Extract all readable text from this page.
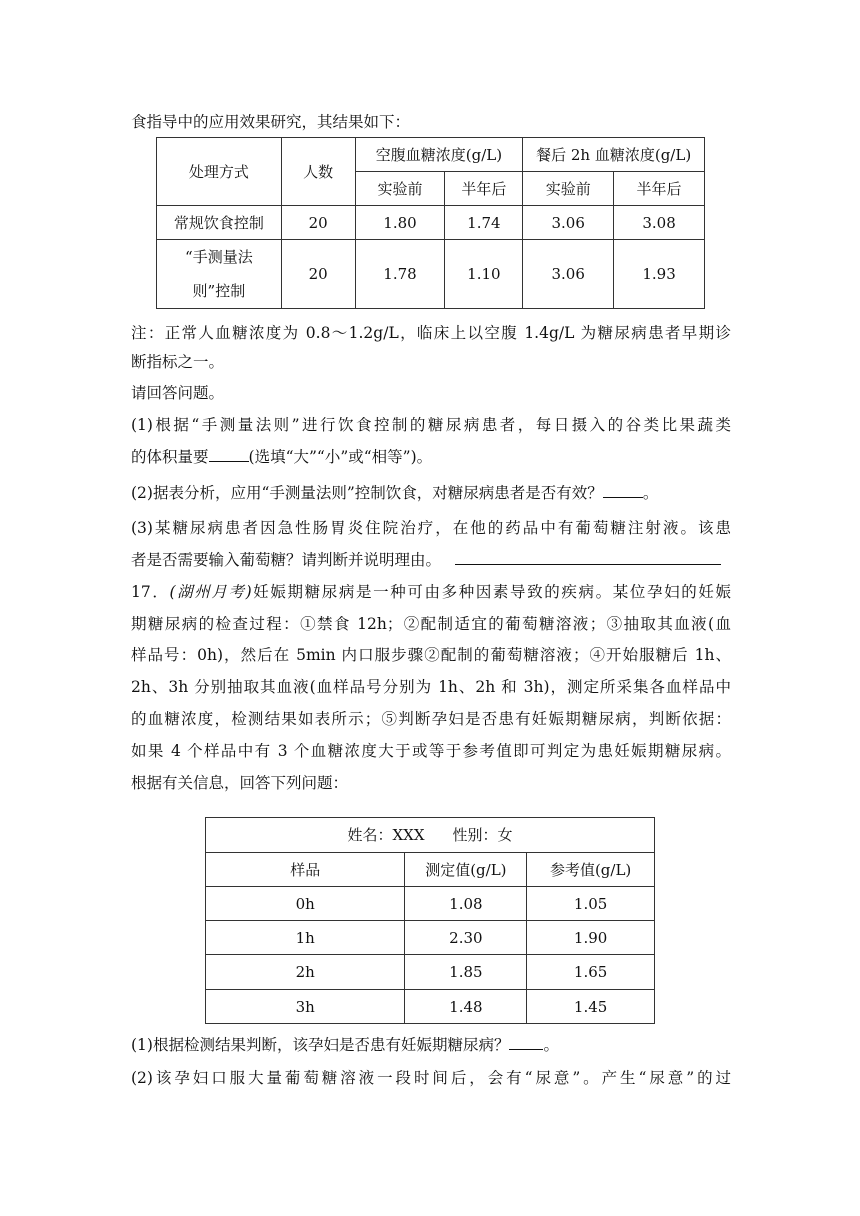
食指导中的应用效果研究，其结果如下：
处理方式	人数	空腹血糖浓度(g/L)		餐后 2h 血糖浓度(g/L)	
		实验前	半年后	实验前	半年后
常规饮食控制	20	1.80	1.74	3.06	3.08

“手测量法
则”控制	20	1.78	1.10	3.06	1.93
注：正常人血糖浓度为 0.8～1.2g/L，临床上以空腹 1.4g/L 为糖尿病患者早期诊
断指标之一。
请回答问题。
(1)根据“手测量法则”进行饮食控制的糖尿病患者，每日摄入的谷类比果蔬类
的体积量要	(选填“大”“小”或“相等”)。
(2)据表分析，应用“手测量法则”控制饮食，对糖尿病患者是否有效？	。
(3)某糖尿病患者因急性肠胃炎住院治疗，在他的药品中有葡萄糖注射液。该患
者是否需要输入葡萄糖？请判断并说明理由。
17．(湖州月考)妊娠期糖尿病是一种可由多种因素导致的疾病。某位孕妇的妊娠
期糖尿病的检查过程：①禁食 12h；②配制适宜的葡萄糖溶液；③抽取其血液(血
样品号：0h)，然后在 5min 内口服步骤②配制的葡萄糖溶液；④开始服糖后 1h、
2h、3h 分别抽取其血液(血样品号分别为 1h、2h 和 3h)，测定所采集各血样品中
的血糖浓度，检测结果如表所示；⑤判断孕妇是否患有妊娠期糖尿病，判断依据：
如果 4 个样品中有 3 个血糖浓度大于或等于参考值即可判定为患妊娠期糖尿病。
根据有关信息，回答下列问题：
姓名：XXX 性别：女		
样品	测定值(g/L)	参考值(g/L)
0h	1.08	1.05
1h	2.30	1.90
2h	1.85	1.65
3h	1.48	1.45
(1)根据检测结果判断，该孕妇是否患有妊娠期糖尿病？ 。
(2)该孕妇口服大量葡萄糖溶液一段时间后，会有“尿意”。产生“尿意”的过
